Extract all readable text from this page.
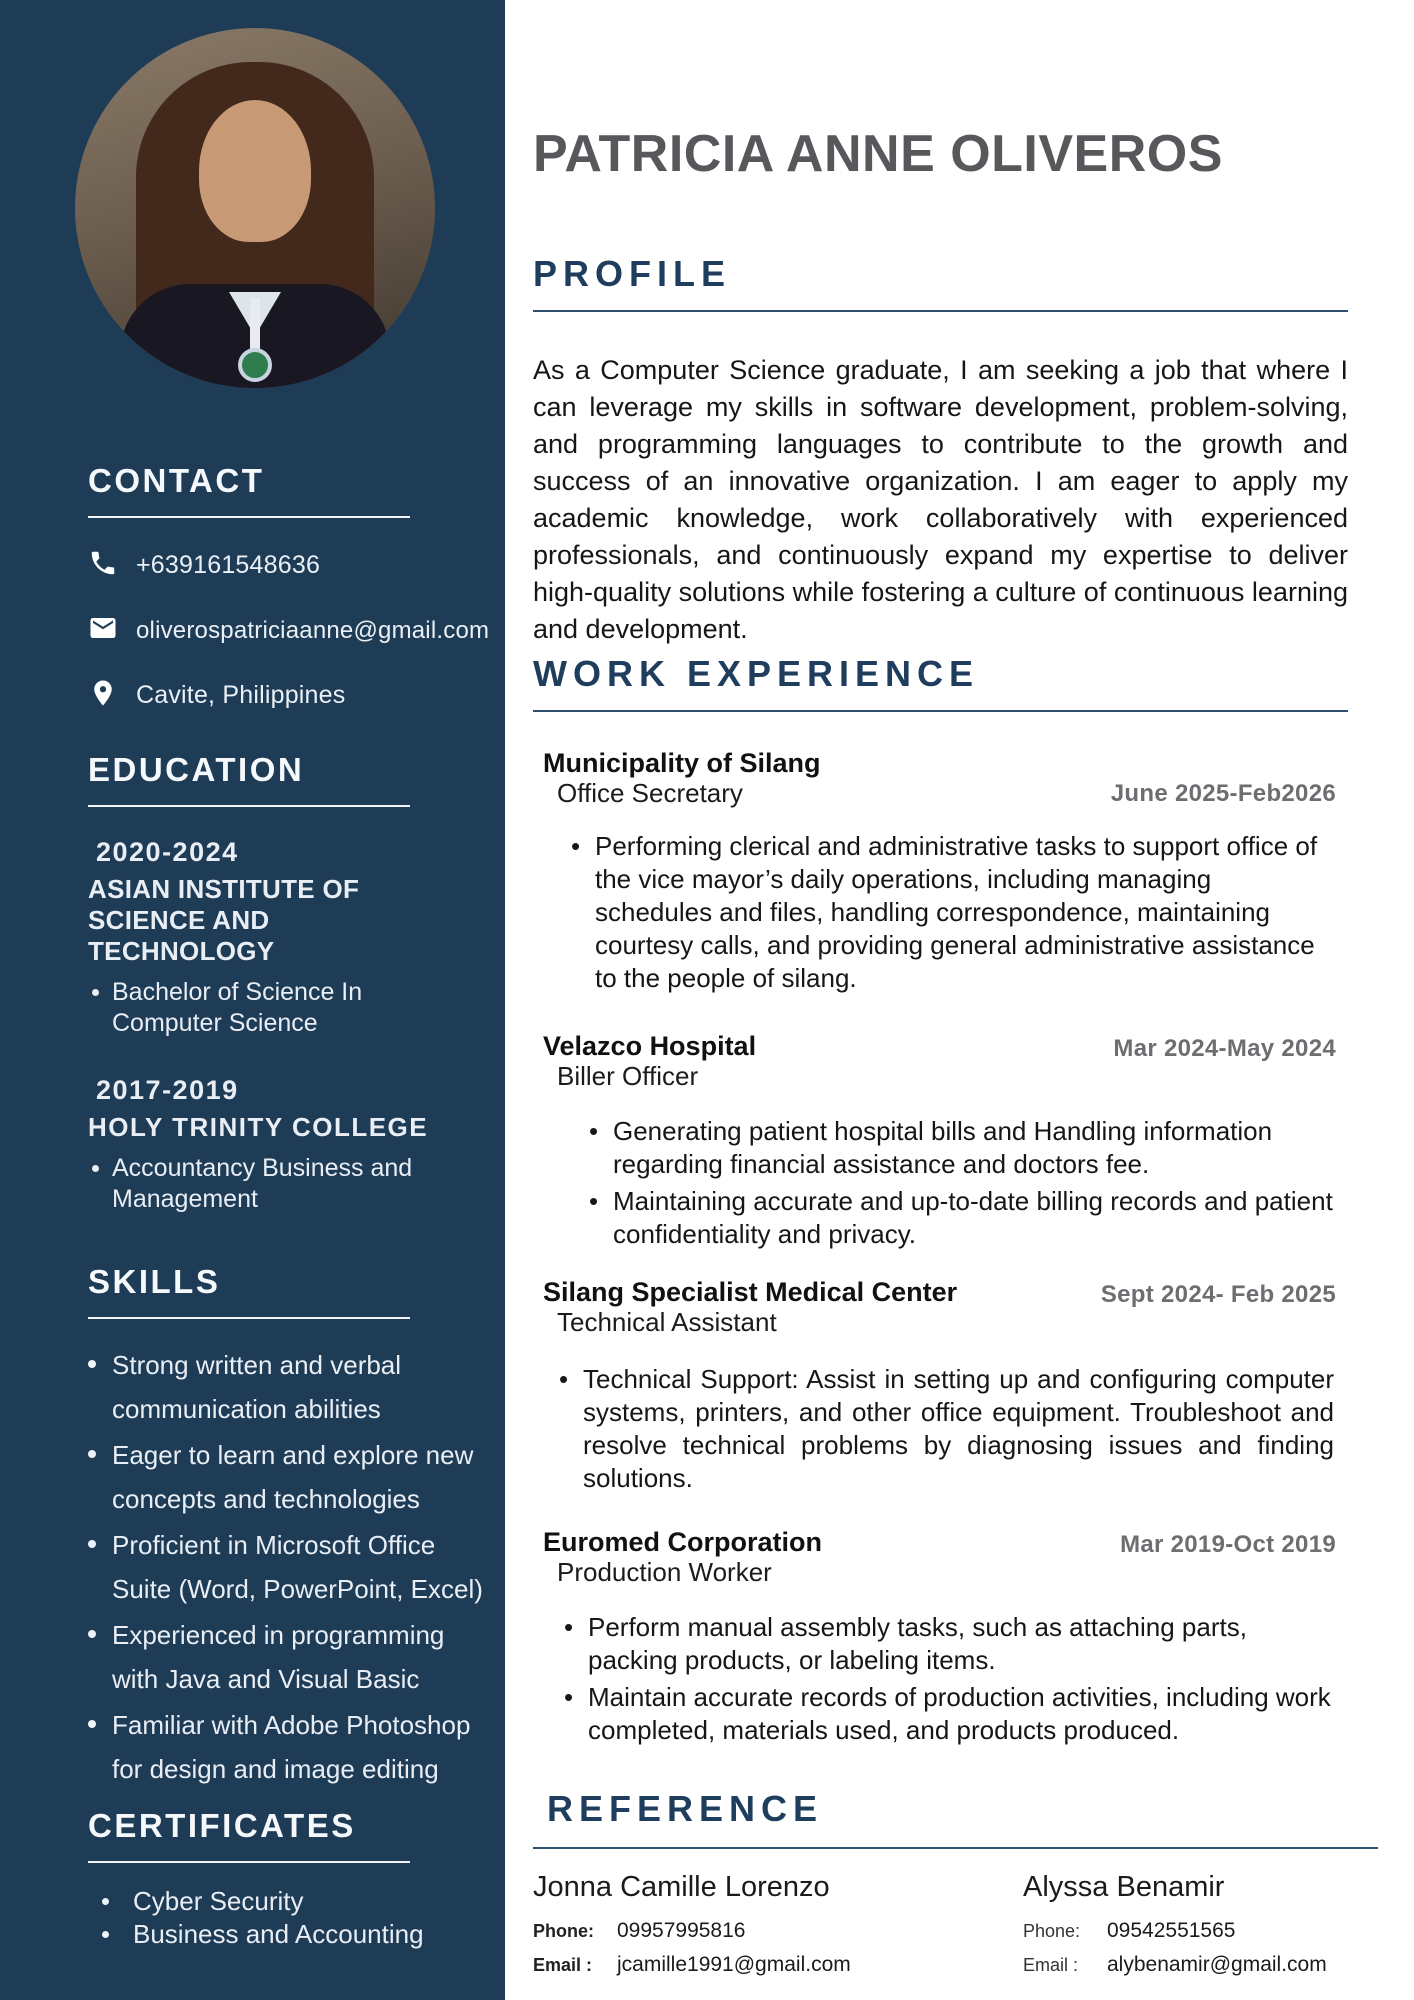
CONTACT
+639161548636
oliverospatriciaanne@gmail.com
Cavite, Philippines
EDUCATION
2020-2024
ASIAN INSTITUTE OF SCIENCE AND TECHNOLOGY
Bachelor of Science In Computer Science
2017-2019
HOLY TRINITY COLLEGE
Accountancy Business and Management
SKILLS
Strong written and verbal communication abilities
Eager to learn and explore new concepts and technologies
Proficient in Microsoft Office Suite (Word, PowerPoint, Excel)
Experienced in programming with Java and Visual Basic
Familiar with Adobe Photoshop for design and image editing
CERTIFICATES
Cyber Security
Business and Accounting
PATRICIA ANNE OLIVEROS
PROFILE

As a Computer Science graduate, I am seeking a job that where I can leverage my skills in software development, problem-solving, and programming languages to contribute to the growth and success of an innovative organization. I am eager to apply my academic knowledge, work collaboratively with experienced professionals, and continuously expand my expertise to deliver high-quality solutions while fostering a culture of continuous learning and development.

WORK EXPERIENCE
Municipality of Silang
Office Secretary	June 2025-Feb2026
• Performing clerical and administrative tasks to support office of the vice mayor’s daily operations, including managing schedules and files, handling correspondence, maintaining courtesy calls, and providing general administrative assistance to the people of silang.
Velazco Hospital
Biller Officer
Mar 2024-May 2024
• Generating patient hospital bills and Handling information regarding financial assistance and doctors fee.
• Maintaining accurate and up-to-date billing records and patient confidentiality and privacy.
Silang Specialist Medical Center
Technical Assistant
Sept 2024- Feb 2025
• Technical Support: Assist in setting up and configuring computer systems, printers, and other office equipment. Troubleshoot and resolve technical problems by diagnosing issues and finding solutions.
Euromed Corporation
Production Worker
Mar 2019-Oct 2019
• Perform manual assembly tasks, such as attaching parts, packing products, or labeling items.
• Maintain accurate records of production activities, including work completed, materials used, and products produced.
REFERENCE
Jonna Camille Lorenzo
Phone:	09957995816
Email :	jcamille1991@gmail.com
Alyssa Benamir
Phone:	09542551565
Email :	alybenamir@gmail.com
